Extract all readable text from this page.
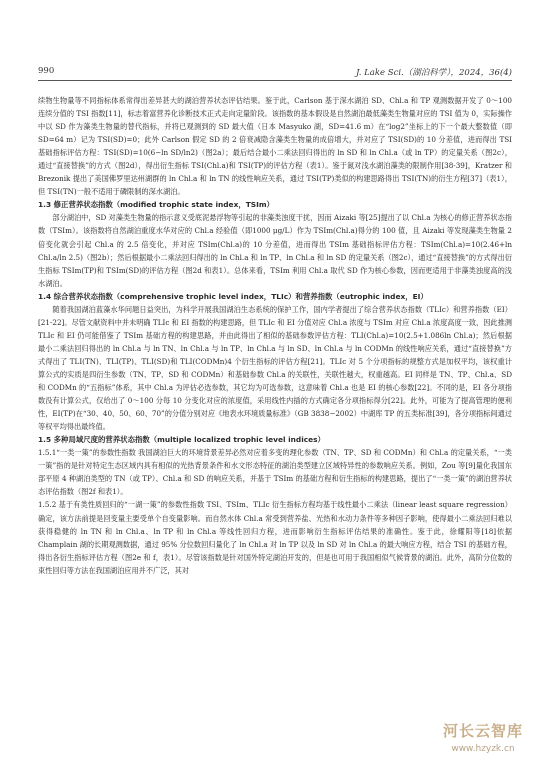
990	J. Lake Sci.（湖泊科学），2024，36(4)

续物生物量等不同指标体系常得出差异甚大的湖泊营养状态评估结果。鉴于此，Carlson 基于深水湖泊 SD、Chl.a 和 TP 观测数据开发了 0～100 连续分值的 TSI 指数[11]，标志着富营养化诊断技术正式走向定量阶段。该指数的基本假设是自然湖泊最低藻类生物量对应的 TSI 值为 0，实际操作中以 SD 作为藻类生物量的替代指标，并将已观测到的 SD 最大值（日本 Masyuko 湖，SD=41.6 m）在“log2”坐标上的下一个最大整数值（即SD=64 m）记为 TSI(SD)=0；此外 Carlson 假定 SD 的 2 倍衰减隐含藻类生物量的成倍增大，并对应了 TSI(SD)的 10 分差值，进而得出 TSI 基础指标评估方程：TSI(SD)=10(6−ln SD/ln2)（图2a）；最后结合最小二乘法回归得出的 ln SD 和 ln Chl.a（或 ln TP）的定量关系（图2c），通过“直接替换”的方式（图2d），得出衍生指标 TSI(Chl.a)和 TSI(TP)的评估方程（表1）。鉴于氮对浅水湖泊藻类的限制作用[38-39]，Kratzer 和 Brezonik 提出了美国佛罗里达州湖群的 ln Chl.a 和 ln TN 的线性响应关系，通过 TSI(TP)类似的构建思路得出 TSI(TN)的衍生方程[37]（表1），但 TSI(TN)一般不适用于磷限制的深水湖泊。

1.3 修正营养状态指数（modified trophic state index，TSIm）

部分湖泊中，SD 对藻类生物量的指示意义受底泥悬浮物等引起的非藻类浊度干扰，因而 Aizaki 等[25]提出了以 Chl.a 为核心的修正营养状态指数（TSIm）。该指数将自然湖泊重度水华对应的 Chl.a 经验值（即1000 μg/L）作为 TSIm(Chl.a)得分的 100 值，且 Aizaki 等发现藻类生物量 2 倍变化就会引起 Chl.a 的 2.5 倍变化，并对应 TSIm(Chl.a)的 10 分差值，进而得出 TSIm 基础指标评估方程：TSIm(Chl.a)=10(2.46+ln Chl.a/ln 2.5)（图2b）；然后根据最小二乘法回归得出的 ln Chl.a 和 ln TP、ln Chl.a 和 ln SD 的定量关系（图2c），通过“直接替换”的方式得出衍生指标 TSIm(TP)和 TSIm(SD)的评估方程（图2d 和表1）。总体来看，TSIm 利用 Chl.a 取代 SD 作为核心参数，因而更适用于非藻类浊度高的浅水湖泊。

1.4 综合营养状态指数（comprehensive trophic level index，TLIc）和营养指数（eutrophic index，EI）

随着我国湖泊蓝藻水华问题日益突出，为科学开展我国湖泊生态系统的保护工作，国内学者提出了综合营养状态指数（TLIc）和营养指数（EI）[21-22]。尽管文献资料中并未明确 TLIc 和 EI 指数的构建思路，但 TLIc 和 EI 分值对应 Chl.a 浓度与 TSIm 对应 Chl.a 浓度高度一致，因此推测 TLIc 和 EI 仍可能借鉴了 TSIm 基础方程的构建思路，并由此得出了相似的基础参数评估方程：TLI(Chl.a)=10(2.5+1.086ln Chl.a)；然后根据最小二乘法回归得出的 ln Chl.a 与 ln TN、ln Chl.a 与 ln TP、ln Chl.a 与 ln SD、ln Chl.a 与 ln CODMn 的线性响应关系，通过“直接替换”方式得出了 TLI(TN)、TLI(TP)、TLI(SD)和 TLI(CODMn)4 个衍生指标的评估方程[21]。TLIc 对 5 个分项指标的规整方式是加权平均，该权重计算公式的实质是四衍生参数（TN、TP、SD 和 CODMn）和基础参数 Chl.a 的关联性，关联性越大，权重越高。EI 同样是 TN、TP、Chl.a、SD 和 CODMn 的“五指标”体系，其中 Chl.a 为评估必选参数，其它均为可选参数，这意味着 Chl.a 也是 EI 的核心参数[22]。不同的是，EI 各分项指数没有计算公式，仅给出了 0～100 分每 10 分变化对应的浓度值，采用线性内插的方式确定各分项指标得分[22]。此外，可能为了提高管理的便利性，EI(TP)在“30、40、50、60、70”的分值分别对应《地表水环境质量标准》（GB 3838−2002）中湖库 TP 的五类标准[39]，各分项指标间通过等权平均得出最终值。

1.5 多种局域尺度的营养状态指数（multiple localized trophic level indices）

1.5.1“一类一策”的参数性指数 我国湖泊巨大的环境背景差异必然对应着多变的理化参数（TN、TP、SD 和 CODMn）和 Chl.a 的定量关系，“一类一策”指的是针对特定生态区域内具有相似的光热背景条件和水文形态特征的湖泊类型建立区域特异性的参数响应关系。例如，Zou 等[9]量化我国东部平原 4 种湖泊类型的 TN（或 TP）、Chl.a 和 SD 的响应关系，并基于 TSIm 的基础方程和衍生指标的构建思路，提出了“一类一策”的湖泊营养状态评估指数（图2f 和表1）。

1.5.2 基于有类性质回归的“一湖一策”的参数性指数 TSI、TSIm、TLIc 衍生指标方程均基于线性最小二乘法（linear least square regression）确定，该方法前提是回变量主要受单个自变量影响。而自然水体 Chl.a 常受到营养盐、光热和水动力条件等多种因子影响，使得最小二乘法回归难以获得稳健的 ln TN 和 ln Chl.a、ln TP 和 ln Chl.a 等线性回归方程，进而影响衍生指标评估结果的准确性。鉴于此，徐耀阳等[18]依据 Champlain 湖的长期观测数据，通过 95% 分位数回归量化了 ln Chl.a 对 ln TP 以及 ln SD 对 ln Chl.a 的最大响应方程，结合 TSI 的基础方程，得出各衍生指标评估方程（图2e 和 f，表1）。尽管该指数是针对国外特定湖泊开发的，但是也可用于我国相似气候背景的湖泊。此外，高阶分位数的束性回归等方法在我国湖泊应用并不广泛，其对

河长云智库
www.hzyzk.cn
